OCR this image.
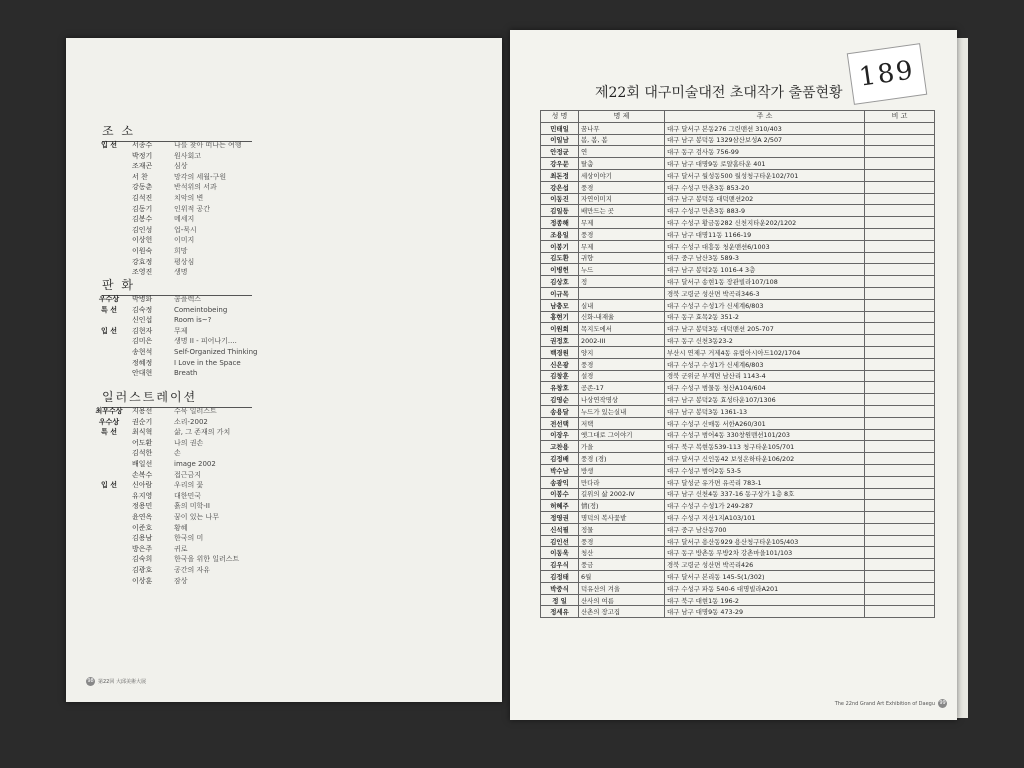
조 소
입 선	서종수	나를 찾아 떠나는 여행
박정기	원사회고
조재곤	심상
서 찬	망각의 세월-구원
강동춘	반석위의 서과
김석진	치악의 변
김동기	인위적 공간
김봉수	메세지
김인성	업-묵시
이상헌	이미지
이원숙	희망
강효정	평상심
조영진	생명
판 화
우수상	박병화	콤플렉스
특 선	김숙정	Comeintobeing
신인섭	Room is~?
입 선	김현자	무제
김미은	생명 II - 피어나기....
송현석	Self-Organized Thinking
정혜정	I Love in the Space
안대현	Breath
일러스트레이션
최우수상	지용선	수묵 일러스트
우수상	권순기	소리-2002
특 선	최식혁	삶, 그 존재의 가치
어도환	나의 권손
김석한	손
배일선	image 2002
손복수	접근금지
입 선	신아람	우리의 꽃
유지영	대한민국
정용민	흙의 미학-II
윤연옥	꿈이 있는 나무
이준호	황혜
김용남	한국의 미
방은주	귀로
김숙희	한국을 위한 일러스트
김광호	공간의 자유
이상훈	잠상
98 第22回 大邱美術大展
189
제22회 대구미술대전 초대작가 출품현황
성 명	명 제	주 소	비 고
민태일	꿈나무	대구 달서구 본동276 그린맨션 310/403	
이일남	봄, 봄, 봄	대구 남구 봉덕동 1329삼산보성A 2/507	
안정균	연	대구 동구 검사동 756-99	
강우문	탈춤	대구 남구 대명9동 로얄홈타운 401	
최돈정	세상이야기	대구 달서구 월성동500 월성청구타운102/701	
강은섭	풍경	대구 수성구 만촌3동 853-20	
이동진	자연이미지	대구 남구 봉덕동 대덕맨션202	
김일등	배만드는 곳	대구 수성구 만촌3동 883-9	
정종해	무제	대구 수성구 황금동282 신천지타운202/1202	
조용일	풍경	대구 남구 대명11동 1166-19	
이봉기	무제	대구 수성구 대흥동 청운맨션6/1003	
김도환	귀향	대구 중구 남산3동 589-3	
이병헌	누드	대구 남구 봉덕2동 1016-4 3층	
김상호	정	대구 달서구 송현1동 장관빌라107/108	
이규목		경북 고령군 성산면 박곡리346-3	
남충모	실내	대구 수성구 수성1가 신세계6/803	
홍현기	신화-내재율	대구 동구 효목2동 351-2	
이원희	목지도에서	대구 남구 봉덕3동 대덕맨션 205-707	
권정호	2002-III	대구 동구 신천3동23-2	
백경원	양지	부산시 연제구 거제4동 유림아시아드102/1704	
신은광	풍경	대구 수성구 수성1가 신세계6/803	
김창훈	설경	경북 군위군 부계면 남산리 1143-4	
유창호	공존-17	대구 수성구 범물동 청산A104/604	
김영순	나상연작명상	대구 남구 봉덕2동 효성타운107/1306	
송용달	누드가 있는실내	대구 남구 봉덕3동 1361-13	
전선택	저택	대구 수성구 신매동 서한A260/301	
이장우	옛그대로 그이야기	대구 수성구 범어4동 330창원맨션101/203	
고찬용	가을	대구 북구 복현동539-113 청구타운105/701	
김정배	풍경 (경)	대구 달서구 신인동42 보성온하타운106/202	
박수남	방생	대구 수성구 범어2동 53-5	
송광익	만다라	대구 달성군 유가면 유곡리 783-1	
이봉수	길위의 삶 2002-IV	대구 남구 신천4동 337-16 동구상가 1층 8호	
허혜주	情(정)	대구 수성구 수성1가 249-287	
정영권	명덕의 복사꽃밭	대구 수성구 지산1지A103/101	
신석필	정물	대구 중구 남산동700	
김인선	풍경	대구 달서구 용산동929 용산청구타운105/403	
이동욱	청산	대구 동구 방촌동 무방2차 강촌마을101/103	
김우식	풍금	경북 고령군 성산면 박곡리426	
김정태	6월	대구 달서구 본리동 145-5(1/302)	
박중식	덕유산의 겨울	대구 수성구 파동 540-6 대명빌라A201	
정 일	산사의 여름	대구 북구 대현1동 196-2	
정세유	산촌의 장고집	대구 남구 대명9동 473-29	
The 22nd Grand Art Exhibition of Daegu 99
